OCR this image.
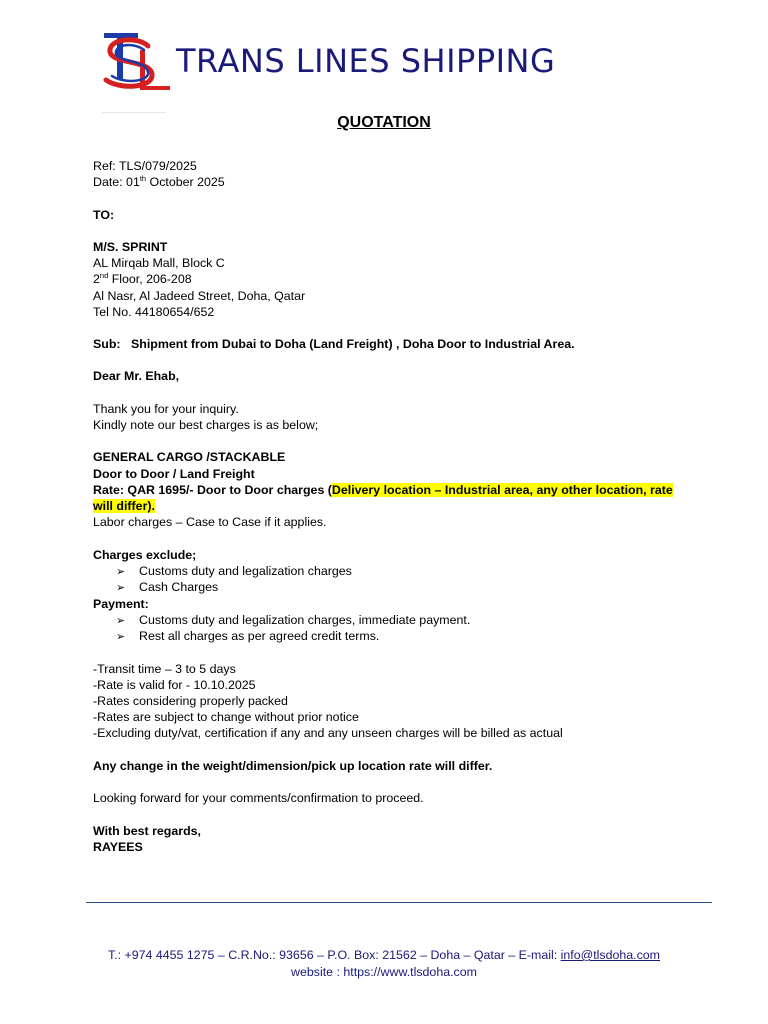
TRANS LINES SHIPPING
QUOTATION
Ref: TLS/079/2025
Date: 01th October 2025
TO:
M/S. SPRINT
AL Mirqab Mall, Block C
2nd Floor, 206-208
Al Nasr, Al Jadeed Street, Doha, Qatar
Tel No. 44180654/652
Sub: Shipment from Dubai to Doha (Land Freight) , Doha Door to Industrial Area.
Dear Mr. Ehab,
Thank you for your inquiry.
Kindly note our best charges is as below;
GENERAL CARGO /STACKABLE
Door to Door / Land Freight
Rate: QAR 1695/- Door to Door charges (Delivery location – Industrial area, any other location, rate will differ).
Labor charges – Case to Case if it applies.
Charges exclude;
➢ Customs duty and legalization charges
➢ Cash Charges
Payment:
➢ Customs duty and legalization charges, immediate payment.
➢ Rest all charges as per agreed credit terms.
-Transit time – 3 to 5 days
-Rate is valid for - 10.10.2025
-Rates considering properly packed
-Rates are subject to change without prior notice
-Excluding duty/vat, certification if any and any unseen charges will be billed as actual
Any change in the weight/dimension/pick up location rate will differ.
Looking forward for your comments/confirmation to proceed.
With best regards,
RAYEES
T.: +974 4455 1275 – C.R.No.: 93656 – P.O. Box: 21562 – Doha – Qatar – E-mail: info@tlsdoha.com
website : https://www.tlsdoha.com
